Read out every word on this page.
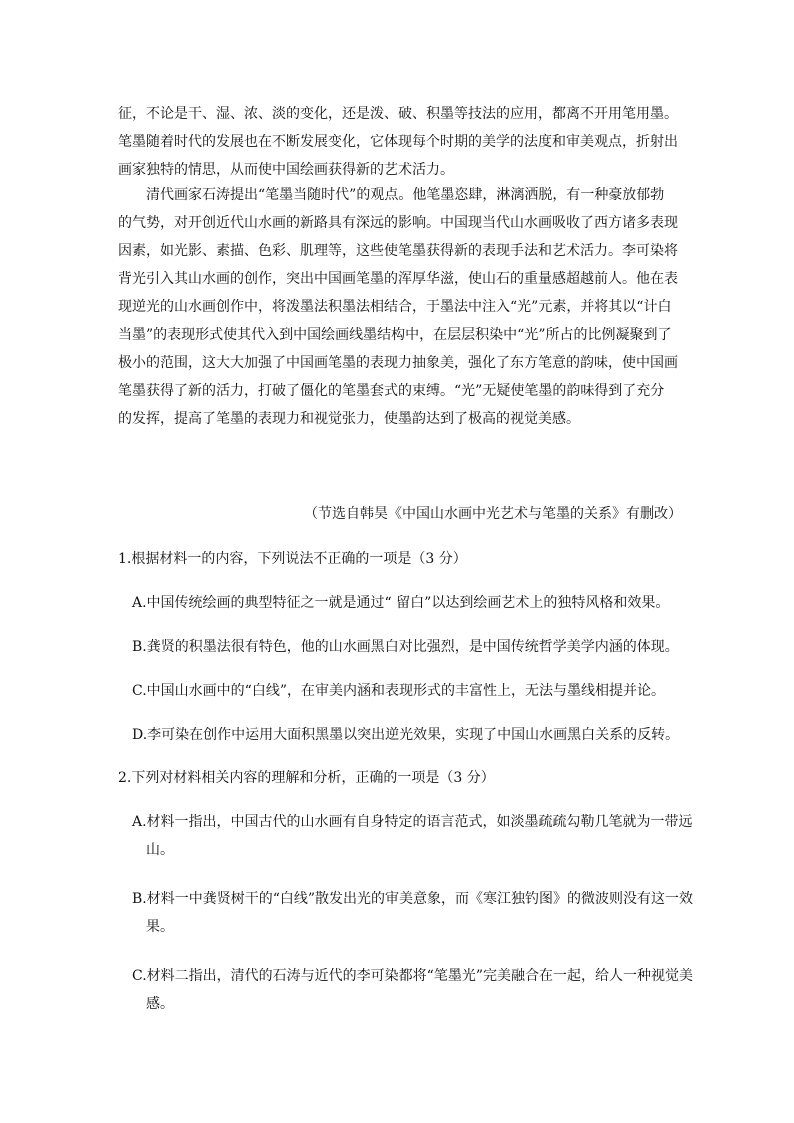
征，不论是干、湿、浓、淡的变化，还是泼、破、积墨等技法的应用，都离不开用笔用墨。笔墨随着时代的发展也在不断发展变化，它体现每个时期的美学的法度和审美观点，折射出画家独特的情思，从而使中国绘画获得新的艺术活力。
清代画家石涛提出“笔墨当随时代”的观点。他笔墨恣肆，淋漓洒脱，有一种豪放郁勃的气势，对开创近代山水画的新路具有深远的影响。中国现当代山水画吸收了西方诸多表现因素，如光影、素描、色彩、肌理等，这些使笔墨获得新的表现手法和艺术活力。李可染将背光引入其山水画的创作，突出中国画笔墨的浑厚华滋，使山石的重量感超越前人。他在表现逆光的山水画创作中，将泼墨法积墨法相结合，于墨法中注入“光”元素，并将其以“计白当墨”的表现形式使其代入到中国绘画线墨结构中，在层层积染中“光”所占的比例凝聚到了极小的范围，这大大加强了中国画笔墨的表现力抽象美，强化了东方笔意的韵味，使中国画笔墨获得了新的活力，打破了僵化的笔墨套式的束缚。“光”无疑使笔墨的韵味得到了充分的发挥，提高了笔墨的表现力和视觉张力，使墨韵达到了极高的视觉美感。
（节选自韩昊《中国山水画中光艺术与笔墨的关系》有删改）
1.根据材料一的内容，下列说法不正确的一项是（3 分）
A.中国传统绘画的典型特征之一就是通过“ 留白”以达到绘画艺术上的独特风格和效果。
B.龚贤的积墨法很有特色，他的山水画黑白对比强烈，是中国传统哲学美学内涵的体现。
C.中国山水画中的“白线”，在审美内涵和表现形式的丰富性上，无法与墨线相提并论。
D.李可染在创作中运用大面积黑墨以突出逆光效果，实现了中国山水画黑白关系的反转。
2.下列对材料相关内容的理解和分析，正确的一项是（3 分）
A.材料一指出，中国古代的山水画有自身特定的语言范式，如淡墨疏疏勾勒几笔就为一带远山。
B.材料一中龚贤树干的“白线”散发出光的审美意象，而《寒江独钓图》的微波则没有这一效果。
C.材料二指出，清代的石涛与近代的李可染都将“笔墨光”完美融合在一起，给人一种视觉美感。
